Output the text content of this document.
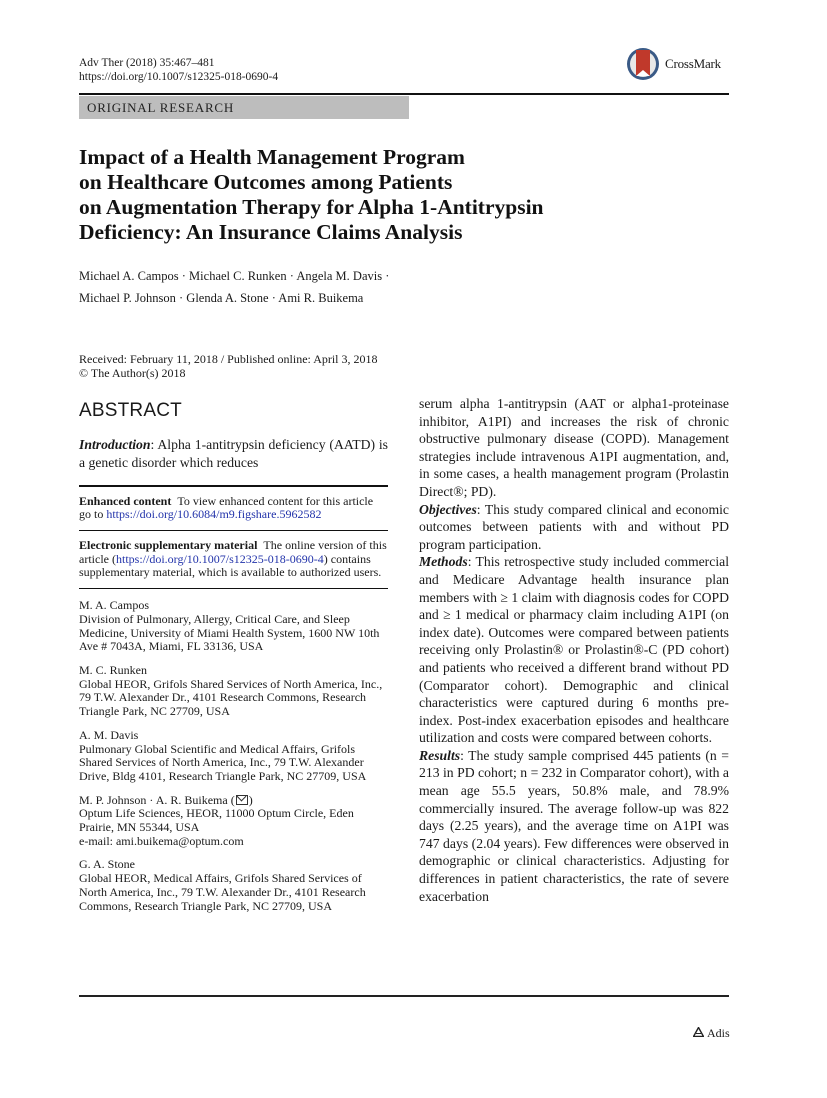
Adv Ther (2018) 35:467–481
https://doi.org/10.1007/s12325-018-0690-4
CrossMark
ORIGINAL RESEARCH
Impact of a Health Management Program
on Healthcare Outcomes among Patients
on Augmentation Therapy for Alpha 1-Antitrypsin
Deficiency: An Insurance Claims Analysis
Michael A. Campos · Michael C. Runken · Angela M. Davis ·
Michael P. Johnson · Glenda A. Stone · Ami R. Buikema
Received: February 11, 2018 / Published online: April 3, 2018
© The Author(s) 2018
ABSTRACT

Introduction: Alpha 1-antitrypsin deficiency (AATD) is a genetic disorder which reduces

Enhanced content To view enhanced content for this article go to https://doi.org/10.6084/m9.figshare.5962582
Electronic supplementary material The online version of this article (https://doi.org/10.1007/s12325-018-0690-4) contains supplementary material, which is available to authorized users.
M. A. Campos
Division of Pulmonary, Allergy, Critical Care, and Sleep Medicine, University of Miami Health System, 1600 NW 10th Ave # 7043A, Miami, FL 33136, USA
M. C. Runken
Global HEOR, Grifols Shared Services of North America, Inc., 79 T.W. Alexander Dr., 4101 Research Commons, Research Triangle Park, NC 27709, USA
A. M. Davis
Pulmonary Global Scientific and Medical Affairs, Grifols Shared Services of North America, Inc., 79 T.W. Alexander Drive, Bldg 4101, Research Triangle Park, NC 27709, USA
M. P. Johnson · A. R. Buikema ( )
Optum Life Sciences, HEOR, 11000 Optum Circle, Eden Prairie, MN 55344, USA
e-mail: ami.buikema@optum.com
G. A. Stone
Global HEOR, Medical Affairs, Grifols Shared Services of North America, Inc., 79 T.W. Alexander Dr., 4101 Research Commons, Research Triangle Park, NC 27709, USA

serum alpha 1-antitrypsin (AAT or alpha1-proteinase inhibitor, A1PI) and increases the risk of chronic obstructive pulmonary disease (COPD). Management strategies include intravenous A1PI augmentation, and, in some cases, a health management program (Prolastin Direct®; PD).

Objectives: This study compared clinical and economic outcomes between patients with and without PD program participation.

Methods: This retrospective study included commercial and Medicare Advantage health insurance plan members with ≥ 1 claim with diagnosis codes for COPD and ≥ 1 medical or pharmacy claim including A1PI (on index date). Outcomes were compared between patients receiving only Prolastin® or Prolastin®-C (PD cohort) and patients who received a different brand without PD (Comparator cohort). Demographic and clinical characteristics were captured during 6 months pre-index. Post-index exacerbation episodes and healthcare utilization and costs were compared between cohorts.

Results: The study sample comprised 445 patients (n = 213 in PD cohort; n = 232 in Comparator cohort), with a mean age 55.5 years, 50.8% male, and 78.9% commercially insured. The average follow-up was 822 days (2.25 years), and the average time on A1PI was 747 days (2.04 years). Few differences were observed in demographic or clinical characteristics. Adjusting for differences in patient characteristics, the rate of severe exacerbation

Adis
